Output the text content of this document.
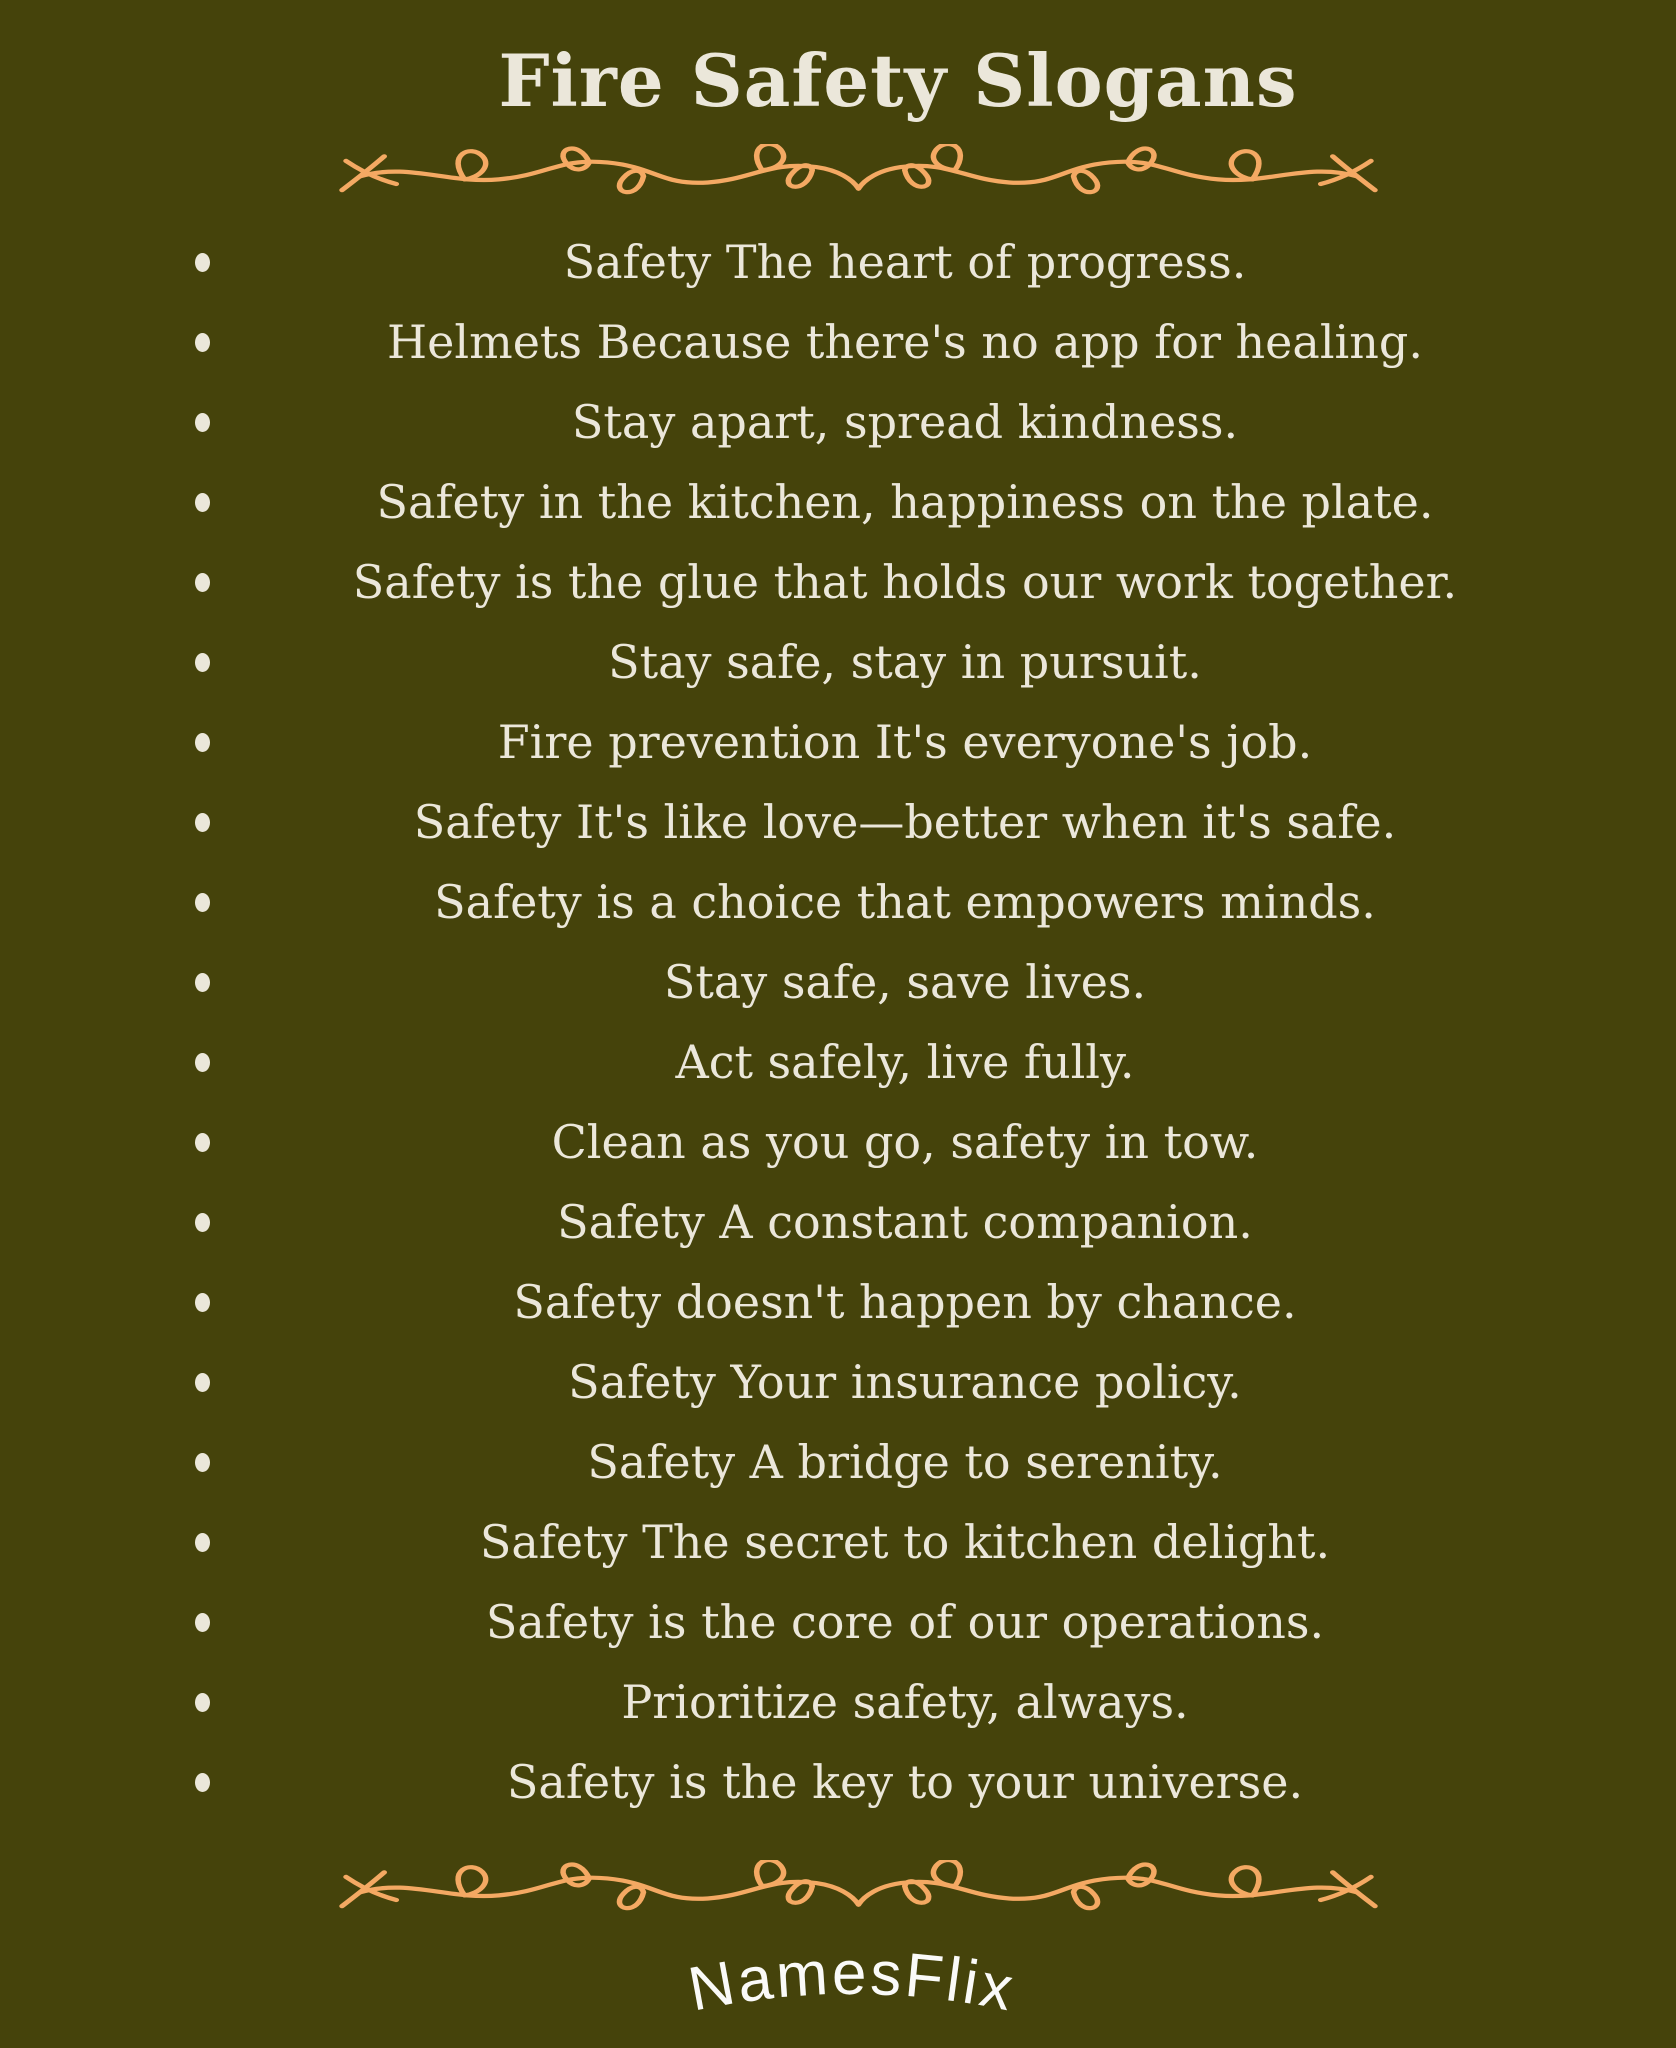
Fire Safety Slogans
Safety The heart of progress.
Helmets Because there's no app for healing.
Stay apart, spread kindness.
Safety in the kitchen, happiness on the plate.
Safety is the glue that holds our work together.
Stay safe, stay in pursuit.
Fire prevention It's everyone's job.
Safety It's like love—better when it's safe.
Safety is a choice that empowers minds.
Stay safe, save lives.
Act safely, live fully.
Clean as you go, safety in tow.
Safety A constant companion.
Safety doesn't happen by chance.
Safety Your insurance policy.
Safety A bridge to serenity.
Safety The secret to kitchen delight.
Safety is the core of our operations.
Prioritize safety, always.
Safety is the key to your universe.
NamesFlix
